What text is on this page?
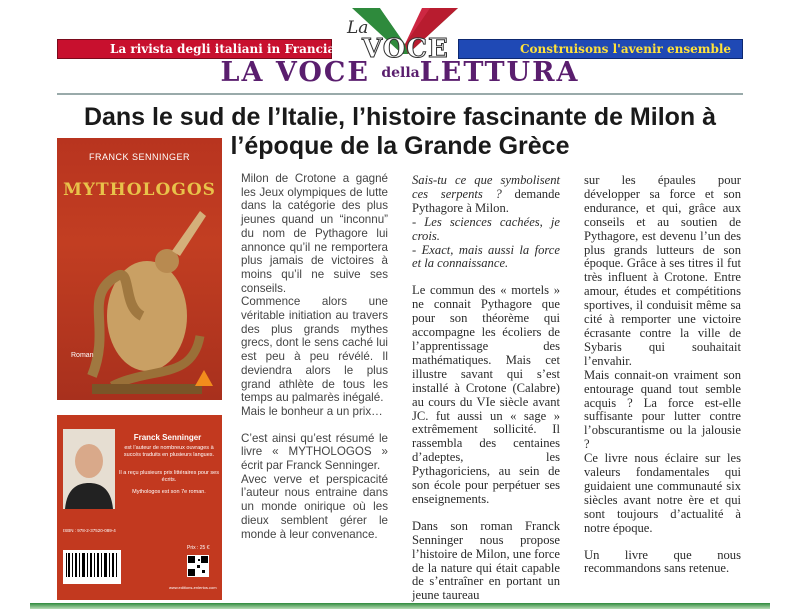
La rivista degli italiani in Francia	Construisons l'avenir ensemble
La
VOCE
LA VOCE dellaLETTURA
Dans le sud de l’Italie, l’histoire fascinante de Milon à l’époque de la Grande Grèce
FRANCK SENNINGER
MYTHOLOGOS
Roman
Franck Senninger
est l’auteur de nombreux ouvrages à succès traduits en plusieurs langues.
Il a reçu plusieurs prix littéraires pour ses écrits.
Mythologos est son 7e roman.
ISBN : 978-2-37520-089-4
Prix : 25 €
www.editions-enlertos.com

Milon de Crotone a gagné les Jeux olympiques de lutte dans la catégorie des plus jeunes quand un “inconnu” du nom de Pythagore lui annonce qu’il ne remportera plus jamais de victoires à moins qu’il ne suive ses conseils.

Commence alors une véritable initiation au travers des plus grands mythes grecs, dont le sens caché lui est peu à peu révélé. Il deviendra alors le plus grand athlète de tous les temps au palmarès inégalé.

Mais le bonheur a un prix…

C’est ainsi qu’est résumé le livre « MYTHOLOGOS » écrit par Franck Senninger.

Avec verve et perspicacité l’auteur nous entraine dans un monde onirique où les dieux semblent gérer le monde à leur convenance.

Sais-tu ce que symbolisent ces serpents ? demande Pythagore à Milon.

- Les sciences cachées, je crois.

- Exact, mais aussi la force et la connaissance.

Le commun des « mortels » ne connait Pythagore que pour son théorème qui accompagne les écoliers de l’apprentissage des mathématiques. Mais cet illustre savant qui s’est installé à Crotone (Calabre) au cours du VIe siècle avant JC. fut aussi un « sage » extrêmement sollicité. Il rassembla des centaines d’adeptes, les Pythagoriciens, au sein de son école pour perpétuer ses enseignements.

Dans son roman Franck Senninger nous propose l’histoire de Milon, une force de la nature qui était capable de s’entraîner en portant un jeune taureau

sur les épaules pour développer sa force et son endurance, et qui, grâce aux conseils et au soutien de Pythagore, est devenu l’un des plus grands lutteurs de son époque. Grâce à ses titres il fut très influent à Crotone. Entre amour, études et compétitions sportives, il conduisit même sa cité à remporter une victoire écrasante contre la ville de Sybaris qui souhaitait l’envahir.

Mais connait-on vraiment son entourage quand tout semble acquis ? La force est-elle suffisante pour lutter contre l’obscurantisme ou la jalousie ?

Ce livre nous éclaire sur les valeurs fondamentales qui guidaient une communauté six siècles avant notre ère et qui sont toujours d’actualité à notre époque.

Un livre que nous recommandons sans retenue.
